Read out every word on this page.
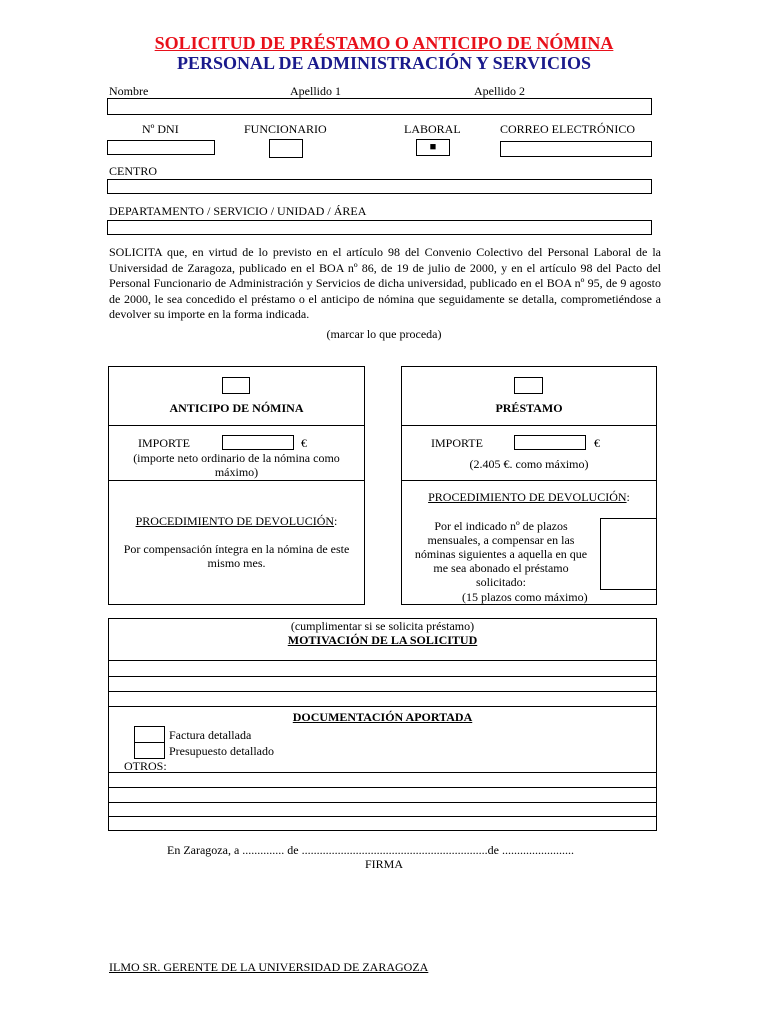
SOLICITUD DE PRÉSTAMO O ANTICIPO DE NÓMINA
PERSONAL DE ADMINISTRACIÓN Y SERVICIOS
Nombre	Apellido 1	Apellido 2
Nº DNI	FUNCIONARIO	LABORAL	CORREO ELECTRÓNICO
■
CENTRO
DEPARTAMENTO / SERVICIO / UNIDAD / ÁREA
SOLICITA que, en virtud de lo previsto en el artículo 98 del Convenio Colectivo del Personal Laboral de la Universidad de Zaragoza, publicado en el BOA nº 86, de 19 de julio de 2000, y en el artículo 98 del Pacto del Personal Funcionario de Administración y Servicios de dicha universidad, publicado en el BOA nº 95, de 9 agosto de 2000, le sea concedido el préstamo o el anticipo de nómina que seguidamente se detalla, comprometiéndose a devolver su importe en la forma indicada.
(marcar lo que proceda)
ANTICIPO DE NÓMINA
IMPORTE	€
(importe neto ordinario de la nómina como
máximo)
PROCEDIMIENTO DE DEVOLUCIÓN:
Por compensación íntegra en la nómina de este
mismo mes.
PRÉSTAMO
IMPORTE	€
(2.405 €. como máximo)
PROCEDIMIENTO DE DEVOLUCIÓN:
Por el indicado nº de plazos
mensuales, a compensar en las
nóminas siguientes a aquella en que
me sea abonado el préstamo
solicitado:
(15 plazos como máximo)
(cumplimentar si se solicita préstamo)
MOTIVACIÓN DE LA SOLICITUD
DOCUMENTACIÓN APORTADA
Factura detallada
Presupuesto detallado
OTROS:
En Zaragoza, a .............. de ..............................................................de ........................
FIRMA
ILMO SR. GERENTE DE LA UNIVERSIDAD DE ZARAGOZA
